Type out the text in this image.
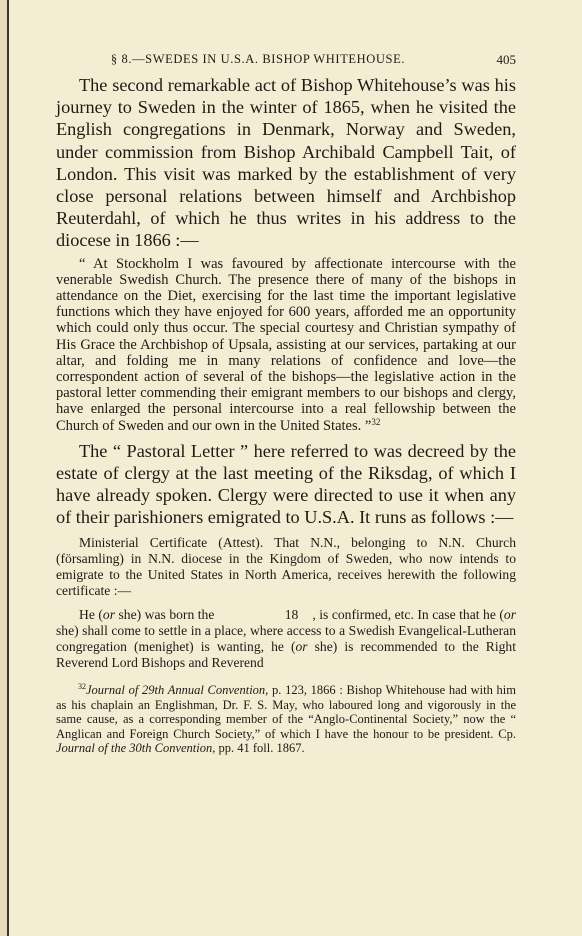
§ 8.—SWEDES IN U.S.A. BISHOP WHITEHOUSE.	405

The second remarkable act of Bishop Whitehouse’s was his journey to Sweden in the winter of 1865, when he visited the English congregations in Denmark, Norway and Sweden, under commission from Bishop Archibald Campbell Tait, of London. This visit was marked by the establishment of very close personal relations between himself and Archbishop Reuterdahl, of which he thus writes in his address to the diocese in 1866 :—

“ At Stockholm I was favoured by affectionate intercourse with the venerable Swedish Church. The presence there of many of the bishops in attendance on the Diet, exercising for the last time the important legislative functions which they have enjoyed for 600 years, afforded me an opportunity which could only thus occur. The special courtesy and Christian sympathy of His Grace the Archbishop of Upsala, assisting at our services, partaking at our altar, and folding me in many relations of confidence and love—the correspondent action of several of the bishops—the legislative action in the pastoral letter commending their emigrant members to our bishops and clergy, have enlarged the personal intercourse into a real fellowship between the Church of Sweden and our own in the United States. ”$^{32}$

The “ Pastoral Letter ” here referred to was decreed by the estate of clergy at the last meeting of the Riksdag, of which I have already spoken. Clergy were directed to use it when any of their parishioners emigrated to U.S.A. It runs as follows :—

Ministerial Certificate (Attest). That N.N., belonging to N.N. Church (församling) in N.N. diocese in the Kingdom of Sweden, who now intends to emigrate to the United States in North America, receives herewith the following certificate :—

He (or she) was born the                    18    , is confirmed, etc. In case that he (or she) shall come to settle in a place, where access to a Swedish Evangelical-Lutheran congregation (menighet) is wanting, he (or she) is recommended to the Right Reverend Lord Bishops and Reverend

$^{32}$Journal of 29th Annual Convention, p. 123, 1866 : Bishop Whitehouse had with him as his chaplain an Englishman, Dr. F. S. May, who laboured long and vigorously in the same cause, as a corresponding member of the “Anglo-Continental Society,” now the “ Anglican and Foreign Church Society,” of which I have the honour to be president. Cp. Journal of the 30th Convention, pp. 41 foll. 1867.
